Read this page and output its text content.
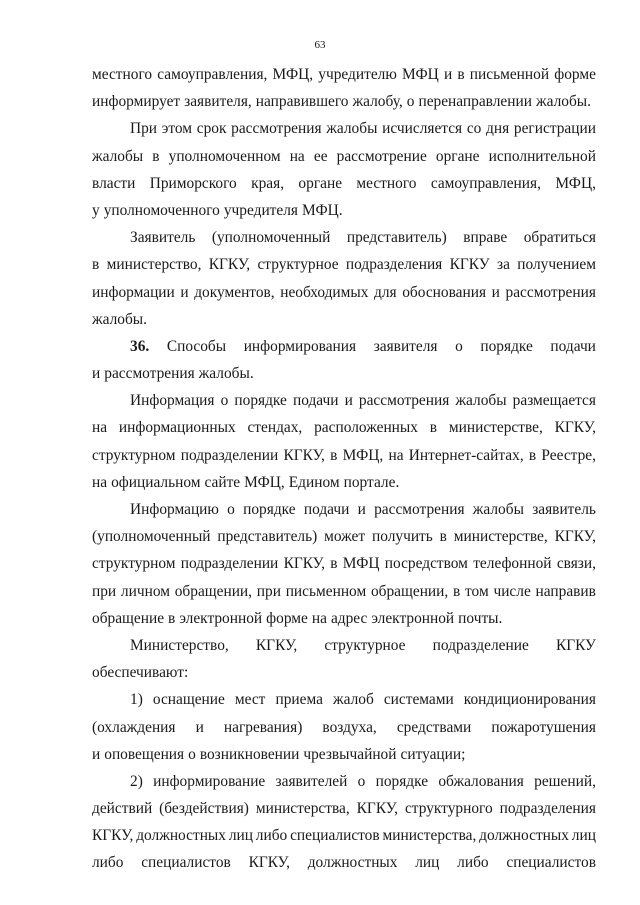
63
местного самоуправления, МФЦ, учредителю МФЦ и в письменной форме
информирует заявителя, направившего жалобу, о перенаправлении жалобы.
При этом срок рассмотрения жалобы исчисляется со дня регистрации
жалобы в уполномоченном на ее рассмотрение органе исполнительной
власти Приморского края, органе местного самоуправления, МФЦ,
у уполномоченного учредителя МФЦ.
Заявитель (уполномоченный представитель) вправе обратиться
в министерство, КГКУ, структурное подразделения КГКУ за получением
информации и документов, необходимых для обоснования и рассмотрения
жалобы.
36. Способы информирования заявителя о порядке подачи
и рассмотрения жалобы.
Информация о порядке подачи и рассмотрения жалобы размещается
на информационных стендах, расположенных в министерстве, КГКУ,
структурном подразделении КГКУ, в МФЦ, на Интернет-сайтах, в Реестре,
на официальном сайте МФЦ, Едином портале.
Информацию о порядке подачи и рассмотрения жалобы заявитель
(уполномоченный представитель) может получить в министерстве, КГКУ,
структурном подразделении КГКУ, в МФЦ посредством телефонной связи,
при личном обращении, при письменном обращении, в том числе направив
обращение в электронной форме на адрес электронной почты.
Министерство, КГКУ, структурное подразделение КГКУ
обеспечивают:
1) оснащение мест приема жалоб системами кондиционирования
(охлаждения и нагревания) воздуха, средствами пожаротушения
и оповещения о возникновении чрезвычайной ситуации;
2) информирование заявителей о порядке обжалования решений,
действий (бездействия) министерства, КГКУ, структурного подразделения
КГКУ, должностных лиц либо специалистов министерства, должностных лиц
либо специалистов КГКУ, должностных лиц либо специалистов
